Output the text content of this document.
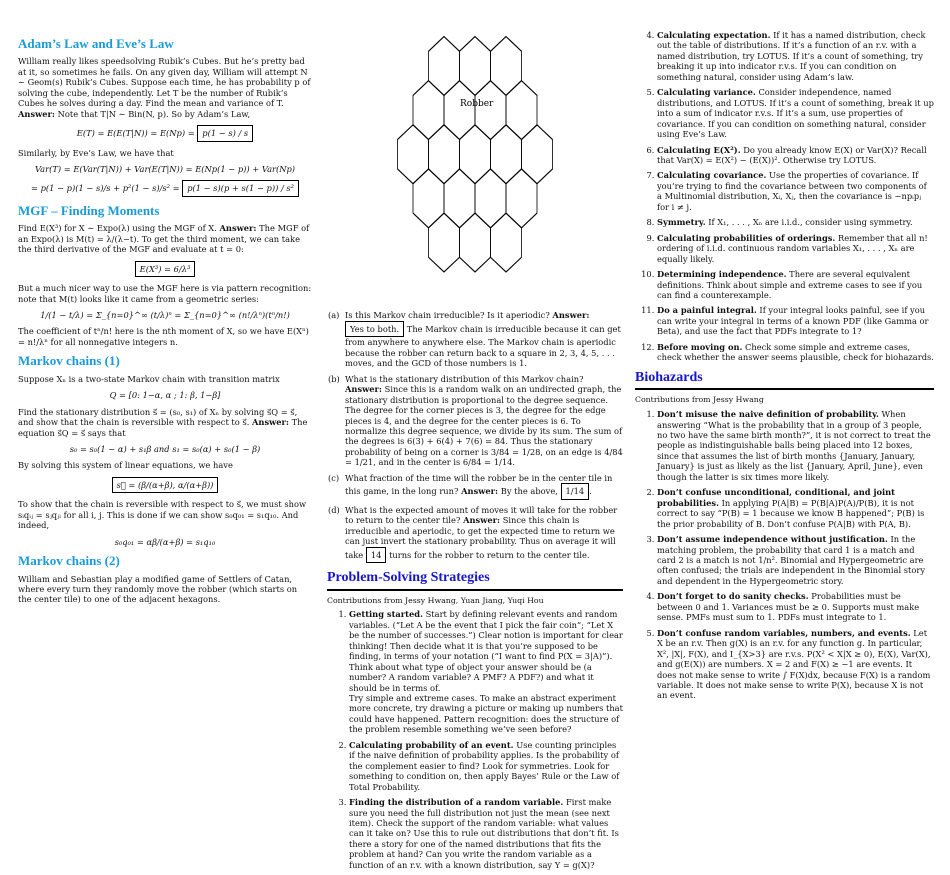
Adam’s Law and Eve’s Law

William really likes speedsolving Rubik’s Cubes. But he’s pretty bad at it, so sometimes he fails. On any given day, William will attempt N ∼ Geom(s) Rubik’s Cubes. Suppose each time, he has probability p of solving the cube, independently. Let T be the number of Rubik’s Cubes he solves during a day. Find the mean and variance of T.
Answer: Note that T|N ∼ Bin(N, p). So by Adam’s Law,

E(T) = E(E(T|N)) = E(Np) = p(1 − s) / s

Similarly, by Eve’s Law, we have that

Var(T) = E(Var(T|N)) + Var(E(T|N)) = E(Np(1 − p)) + Var(Np)
= p(1 − p)(1 − s)/s + p²(1 − s)/s² = p(1 − s)(p + s(1 − p)) / s²
MGF – Finding Moments

Find E(X³) for X ∼ Expo(λ) using the MGF of X. Answer: The MGF of an Expo(λ) is M(t) = λ/(λ−t). To get the third moment, we can take the third derivative of the MGF and evaluate at t = 0:

E(X³) = 6/λ³

But a much nicer way to use the MGF here is via pattern recognition: note that M(t) looks like it came from a geometric series:

1/(1 − t/λ) = Σ_{n=0}^∞ (t/λ)ⁿ = Σ_{n=0}^∞ (n!/λⁿ)(tⁿ/n!)

The coefficient of tⁿ/n! here is the nth moment of X, so we have E(Xⁿ) = n!/λⁿ for all nonnegative integers n.

Markov chains (1)

Suppose Xₙ is a two-state Markov chain with transition matrix

Q = [0: 1−α, α ; 1: β, 1−β]

Find the stationary distribution s⃗ = (s₀, s₁) of Xₙ by solving s⃗Q = s⃗, and show that the chain is reversible with respect to s⃗. Answer: The equation s⃗Q = s⃗ says that

s₀ = s₀(1 − α) + s₁β and s₁ = s₀(α) + s₀(1 − β)

By solving this system of linear equations, we have

s⃗ = (β/(α+β), α/(α+β))

To show that the chain is reversible with respect to s⃗, we must show sᵢqᵢⱼ = sⱼqⱼᵢ for all i, j. This is done if we can show s₀q₀₁ = s₁q₁₀. And indeed,

s₀q₀₁ = αβ/(α+β) = s₁q₁₀
Markov chains (2)

William and Sebastian play a modified game of Settlers of Catan, where every turn they randomly move the robber (which starts on the center tile) to one of the adjacent hexagons.

Robber
(a) Is this Markov chain irreducible? Is it aperiodic? Answer: Yes to both. The Markov chain is irreducible because it can get from anywhere to anywhere else. The Markov chain is aperiodic because the robber can return back to a square in 2, 3, 4, 5, . . . moves, and the GCD of those numbers is 1.
(b) What is the stationary distribution of this Markov chain? Answer: Since this is a random walk on an undirected graph, the stationary distribution is proportional to the degree sequence. The degree for the corner pieces is 3, the degree for the edge pieces is 4, and the degree for the center pieces is 6. To normalize this degree sequence, we divide by its sum. The sum of the degrees is 6(3) + 6(4) + 7(6) = 84. Thus the stationary probability of being on a corner is 3/84 = 1/28, on an edge is 4/84 = 1/21, and in the center is 6/84 = 1/14.
(c) What fraction of the time will the robber be in the center tile in this game, in the long run? Answer: By the above, 1/14 .
(d) What is the expected amount of moves it will take for the robber to return to the center tile? Answer: Since this chain is irreducible and aperiodic, to get the expected time to return we can just invert the stationary probability. Thus on average it will take 14 turns for the robber to return to the center tile.
Problem-Solving Strategies

Contributions from Jessy Hwang, Yuan Jiang, Yuqi Hou

1. Getting started. Start by defining relevant events and random variables. (“Let A be the event that I pick the fair coin”; “Let X be the number of successes.”) Clear notion is important for clear thinking! Then decide what it is that you’re supposed to be finding, in terms of your notation (“I want to find P(X = 3|A)”). Think about what type of object your answer should be (a number? A random variable? A PMF? A PDF?) and what it should be in terms of.
Try simple and extreme cases. To make an abstract experiment more concrete, try drawing a picture or making up numbers that could have happened. Pattern recognition: does the structure of the problem resemble something we’ve seen before?
2. Calculating probability of an event. Use counting principles if the naive definition of probability applies. Is the probability of the complement easier to find? Look for symmetries. Look for something to condition on, then apply Bayes’ Rule or the Law of Total Probability.
3. Finding the distribution of a random variable. First make sure you need the full distribution not just the mean (see next item). Check the support of the random variable: what values can it take on? Use this to rule out distributions that don’t fit. Is there a story for one of the named distributions that fits the problem at hand? Can you write the random variable as a function of an r.v. with a known distribution, say Y = g(X)?
4. Calculating expectation. If it has a named distribution, check out the table of distributions. If it’s a function of an r.v. with a named distribution, try LOTUS. If it’s a count of something, try breaking it up into indicator r.v.s. If you can condition on something natural, consider using Adam’s law.
5. Calculating variance. Consider independence, named distributions, and LOTUS. If it’s a count of something, break it up into a sum of indicator r.v.s. If it’s a sum, use properties of covariance. If you can condition on something natural, consider using Eve’s Law.
6. Calculating E(X²). Do you already know E(X) or Var(X)? Recall that Var(X) = E(X²) − (E(X))². Otherwise try LOTUS.
7. Calculating covariance. Use the properties of covariance. If you’re trying to find the covariance between two components of a Multinomial distribution, Xᵢ, Xⱼ, then the covariance is −npᵢpⱼ for i ≠ j.
8. Symmetry. If X₁, . . . , Xₙ are i.i.d., consider using symmetry.
9. Calculating probabilities of orderings. Remember that all n! ordering of i.i.d. continuous random variables X₁, . . . , Xₙ are equally likely.
10. Determining independence. There are several equivalent definitions. Think about simple and extreme cases to see if you can find a counterexample.
11. Do a painful integral. If your integral looks painful, see if you can write your integral in terms of a known PDF (like Gamma or Beta), and use the fact that PDFs integrate to 1?
12. Before moving on. Check some simple and extreme cases, check whether the answer seems plausible, check for biohazards.
Biohazards

Contributions from Jessy Hwang

1. Don’t misuse the naive definition of probability. When answering “What is the probability that in a group of 3 people, no two have the same birth month?”, it is not correct to treat the people as indistinguishable balls being placed into 12 boxes, since that assumes the list of birth months {January, January, January} is just as likely as the list {January, April, June}, even though the latter is six times more likely.
2. Don’t confuse unconditional, conditional, and joint probabilities. In applying P(A|B) = P(B|A)P(A)/P(B), it is not correct to say “P(B) = 1 because we know B happened”; P(B) is the prior probability of B. Don’t confuse P(A|B) with P(A, B).
3. Don’t assume independence without justification. In the matching problem, the probability that card 1 is a match and card 2 is a match is not 1/n². Binomial and Hypergeometric are often confused; the trials are independent in the Binomial story and dependent in the Hypergeometric story.
4. Don’t forget to do sanity checks. Probabilities must be between 0 and 1. Variances must be ≥ 0. Supports must make sense. PMFs must sum to 1. PDFs must integrate to 1.
5. Don’t confuse random variables, numbers, and events. Let X be an r.v. Then g(X) is an r.v. for any function g. In particular, X², |X|, F(X), and I_{X>3} are r.v.s. P(X² < X|X ≥ 0), E(X), Var(X), and g(E(X)) are numbers. X = 2 and F(X) ≥ −1 are events. It does not make sense to write ∫ F(X)dx, because F(X) is a random variable. It does not make sense to write P(X), because X is not an event.
